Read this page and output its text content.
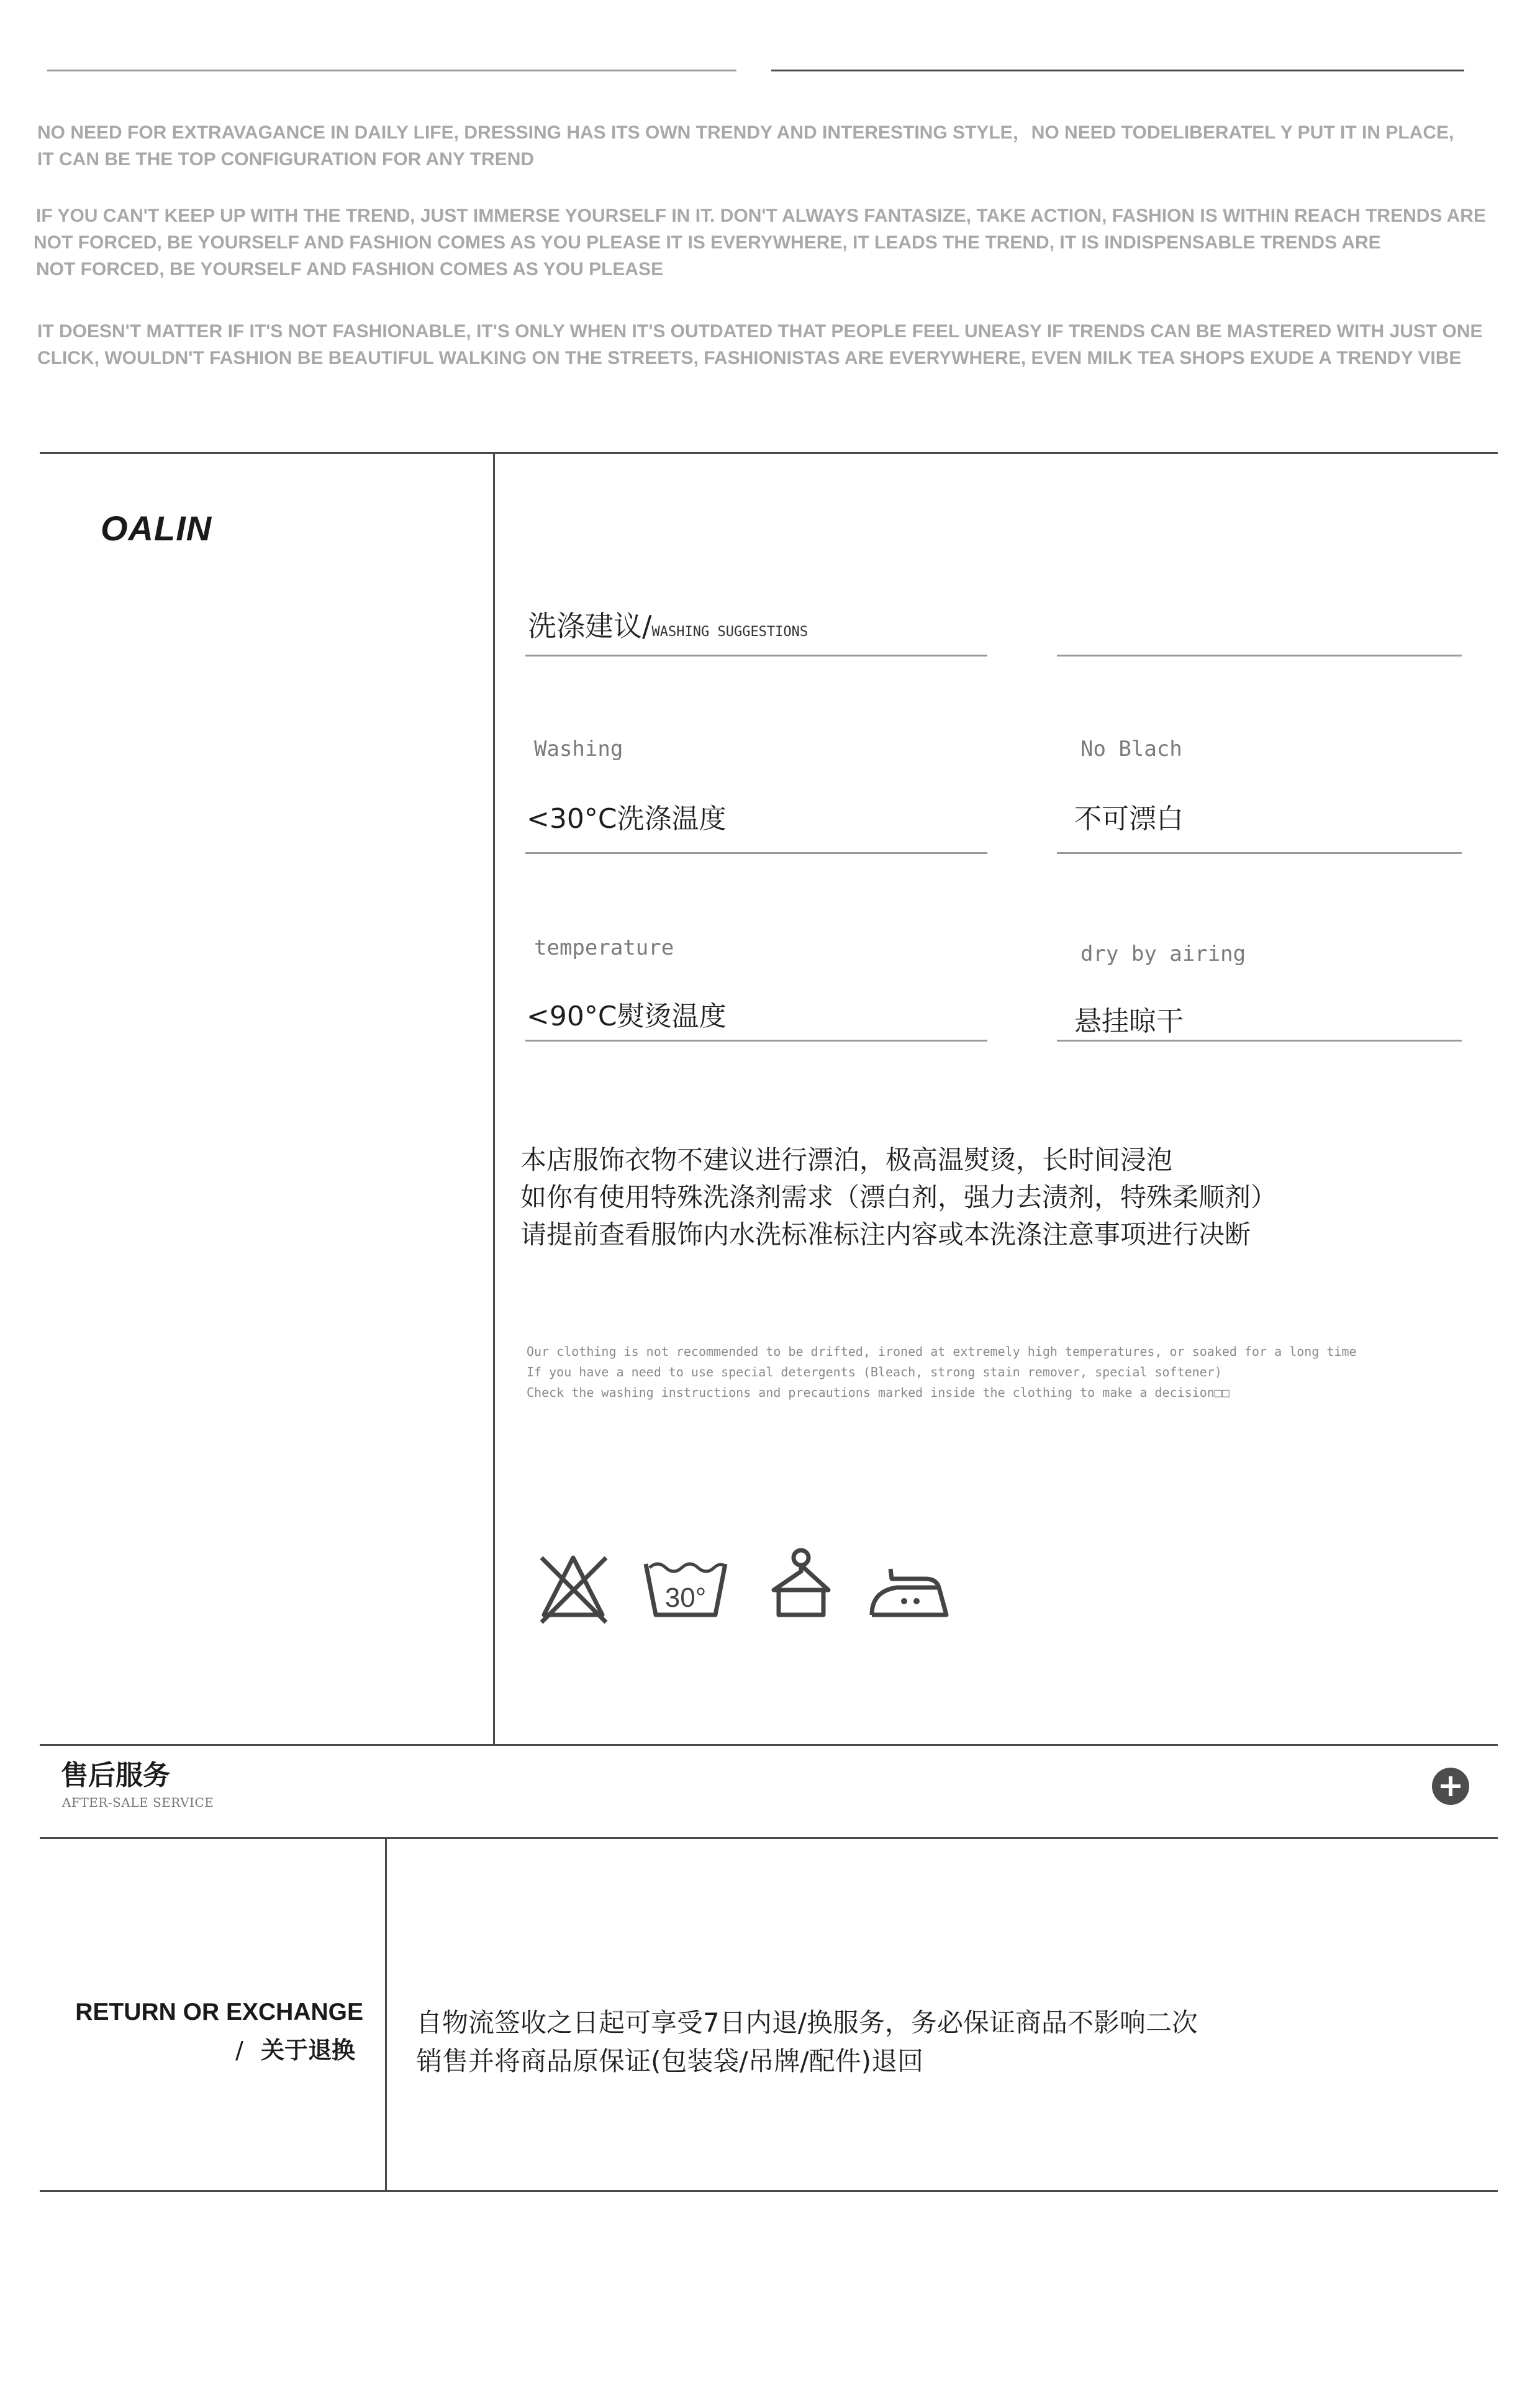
NO NEED FOR EXTRAVAGANCE IN DAILY LIFE, DRESSING HAS ITS OWN TRENDY AND INTERESTING STYLE，NO NEED TODELIBERATEL Y PUT IT IN PLACE,

IT CAN BE THE TOP CONFIGURATION FOR ANY TREND

IF YOU CAN'T KEEP UP WITH THE TREND, JUST IMMERSE YOURSELF IN IT. DON'T ALWAYS FANTASIZE, TAKE ACTION, FASHION IS WITHIN REACH TRENDS ARE

NOT FORCED, BE YOURSELF AND FASHION COMES AS YOU PLEASE IT IS EVERYWHERE, IT LEADS THE TREND, IT IS INDISPENSABLE TRENDS ARE

NOT FORCED, BE YOURSELF AND FASHION COMES AS YOU PLEASE

IT DOESN'T MATTER IF IT'S NOT FASHIONABLE, IT'S ONLY WHEN IT'S OUTDATED THAT PEOPLE FEEL UNEASY IF TRENDS CAN BE MASTERED WITH JUST ONE

CLICK, WOULDN'T FASHION BE BEAUTIFUL WALKING ON THE STREETS, FASHIONISTAS ARE EVERYWHERE, EVEN MILK TEA SHOPS EXUDE A TRENDY VIBE

OALIN
洗涤建议/WASHING SUGGESTIONS
Washing
<30°C洗涤温度
No Blach
不可漂白
temperature
<90°C熨烫温度
dry by airing
悬挂晾干
本店服饰衣物不建议进行漂泊，极高温熨烫，长时间浸泡
如你有使用特殊洗涤剂需求（漂白剂，强力去渍剂，特殊柔顺剂）
请提前查看服饰内水洗标准标注内容或本洗涤注意事项进行决断
Our clothing is not recommended to be drifted, ironed at extremely high temperatures, or soaked for a long time
If you have a need to use special detergents (Bleach, strong stain remover, special softener)
Check the washing instructions and precautions marked inside the clothing to make a decision□□
30°
售后服务
AFTER-SALE SERVICE
RETURN OR EXCHANGE
/ 关于退换
自物流签收之日起可享受7日内退/换服务，务必保证商品不影响二次
销售并将商品原保证(包装袋/吊牌/配件)退回
